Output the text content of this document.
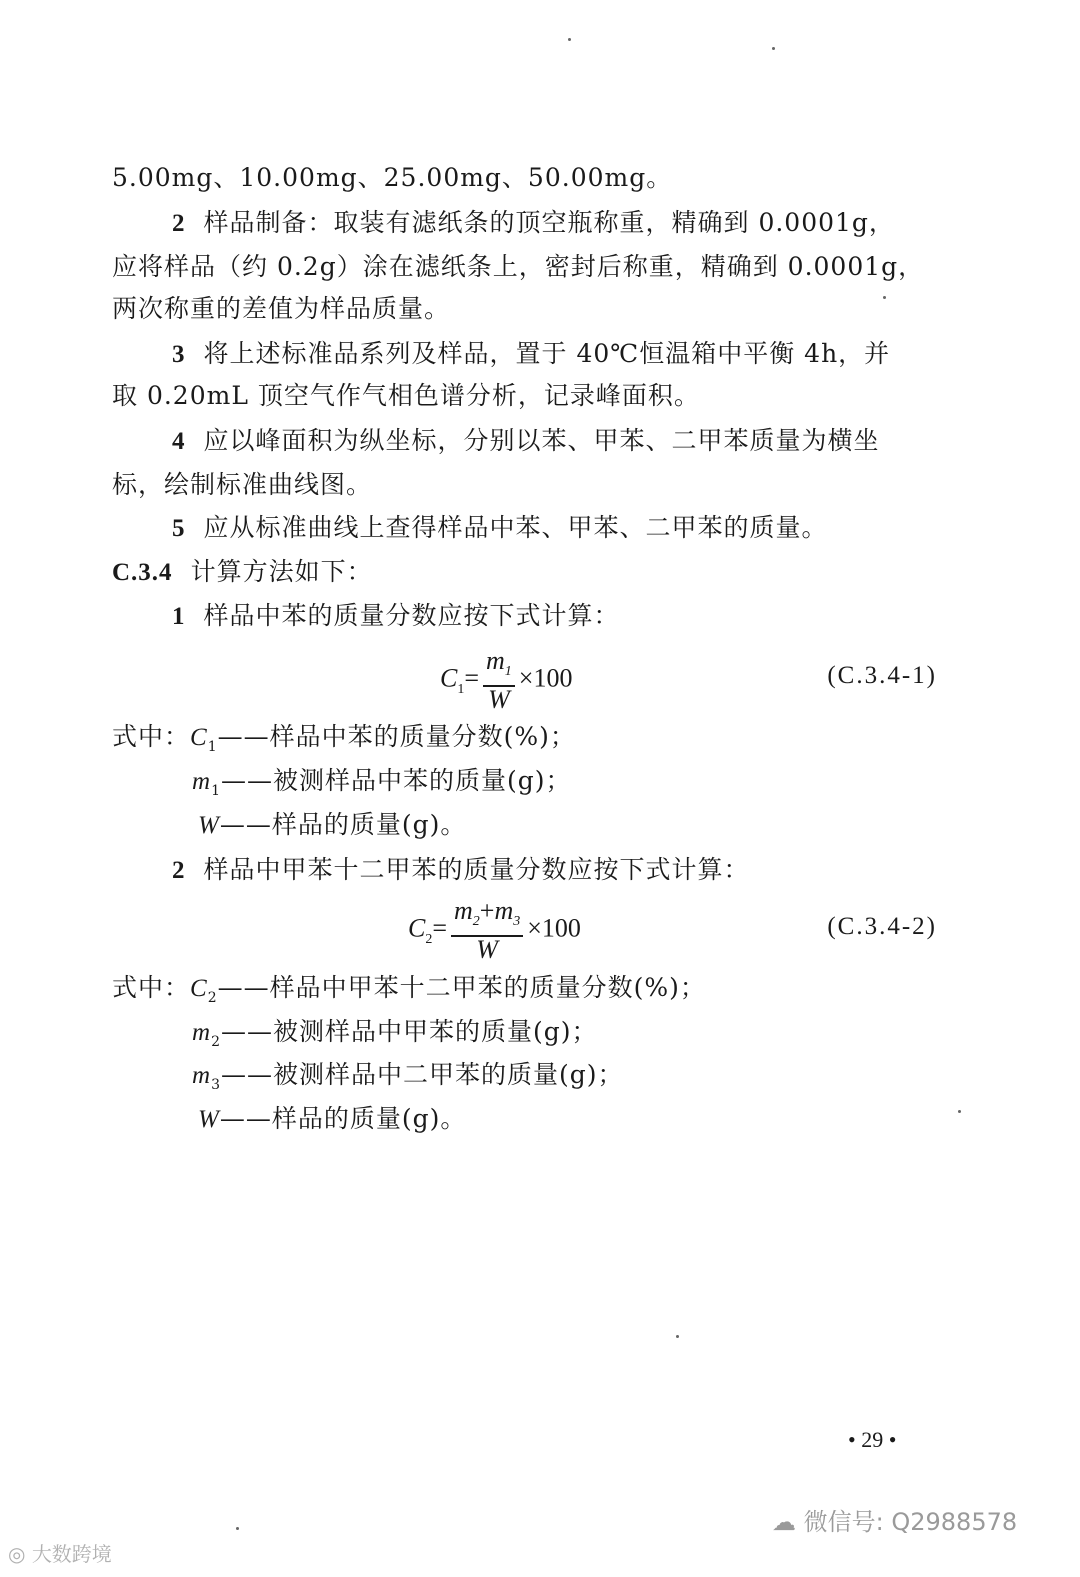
5.00mg、10.00mg、25.00mg、50.00mg。
2 样品制备：取装有滤纸条的顶空瓶称重，精确到 0.0001g，
应将样品（约 0.2g）涂在滤纸条上，密封后称重，精确到 0.0001g，
两次称重的差值为样品质量。
3 将上述标准品系列及样品，置于 40℃恒温箱中平衡 4h，并
取 0.20mL 顶空气作气相色谱分析，记录峰面积。
4 应以峰面积为纵坐标，分别以苯、甲苯、二甲苯质量为横坐
标，绘制标准曲线图。
5 应从标准曲线上查得样品中苯、甲苯、二甲苯的质量。
C.3.4 计算方法如下：
1 样品中苯的质量分数应按下式计算：
$C_1= \frac{m_1}{W} \times 100$	(C.3.4-1)
式中：$C_1——$样品中苯的质量分数(%)；
$m_1——$被测样品中苯的质量(g)；
W——样品的质量(g)。
2 样品中甲苯十二甲苯的质量分数应按下式计算：
$C_2= \frac{m_2+m_3}{W} \times 100$	(C.3.4-2)
式中：$C_2——$样品中甲苯十二甲苯的质量分数(%)；
$m_2——$被测样品中甲苯的质量(g)；
$m_3——$被测样品中二甲苯的质量(g)；
W——样品的质量(g)。
• 29 •
☁ 微信号: Q2988578
◎ 大数跨境
